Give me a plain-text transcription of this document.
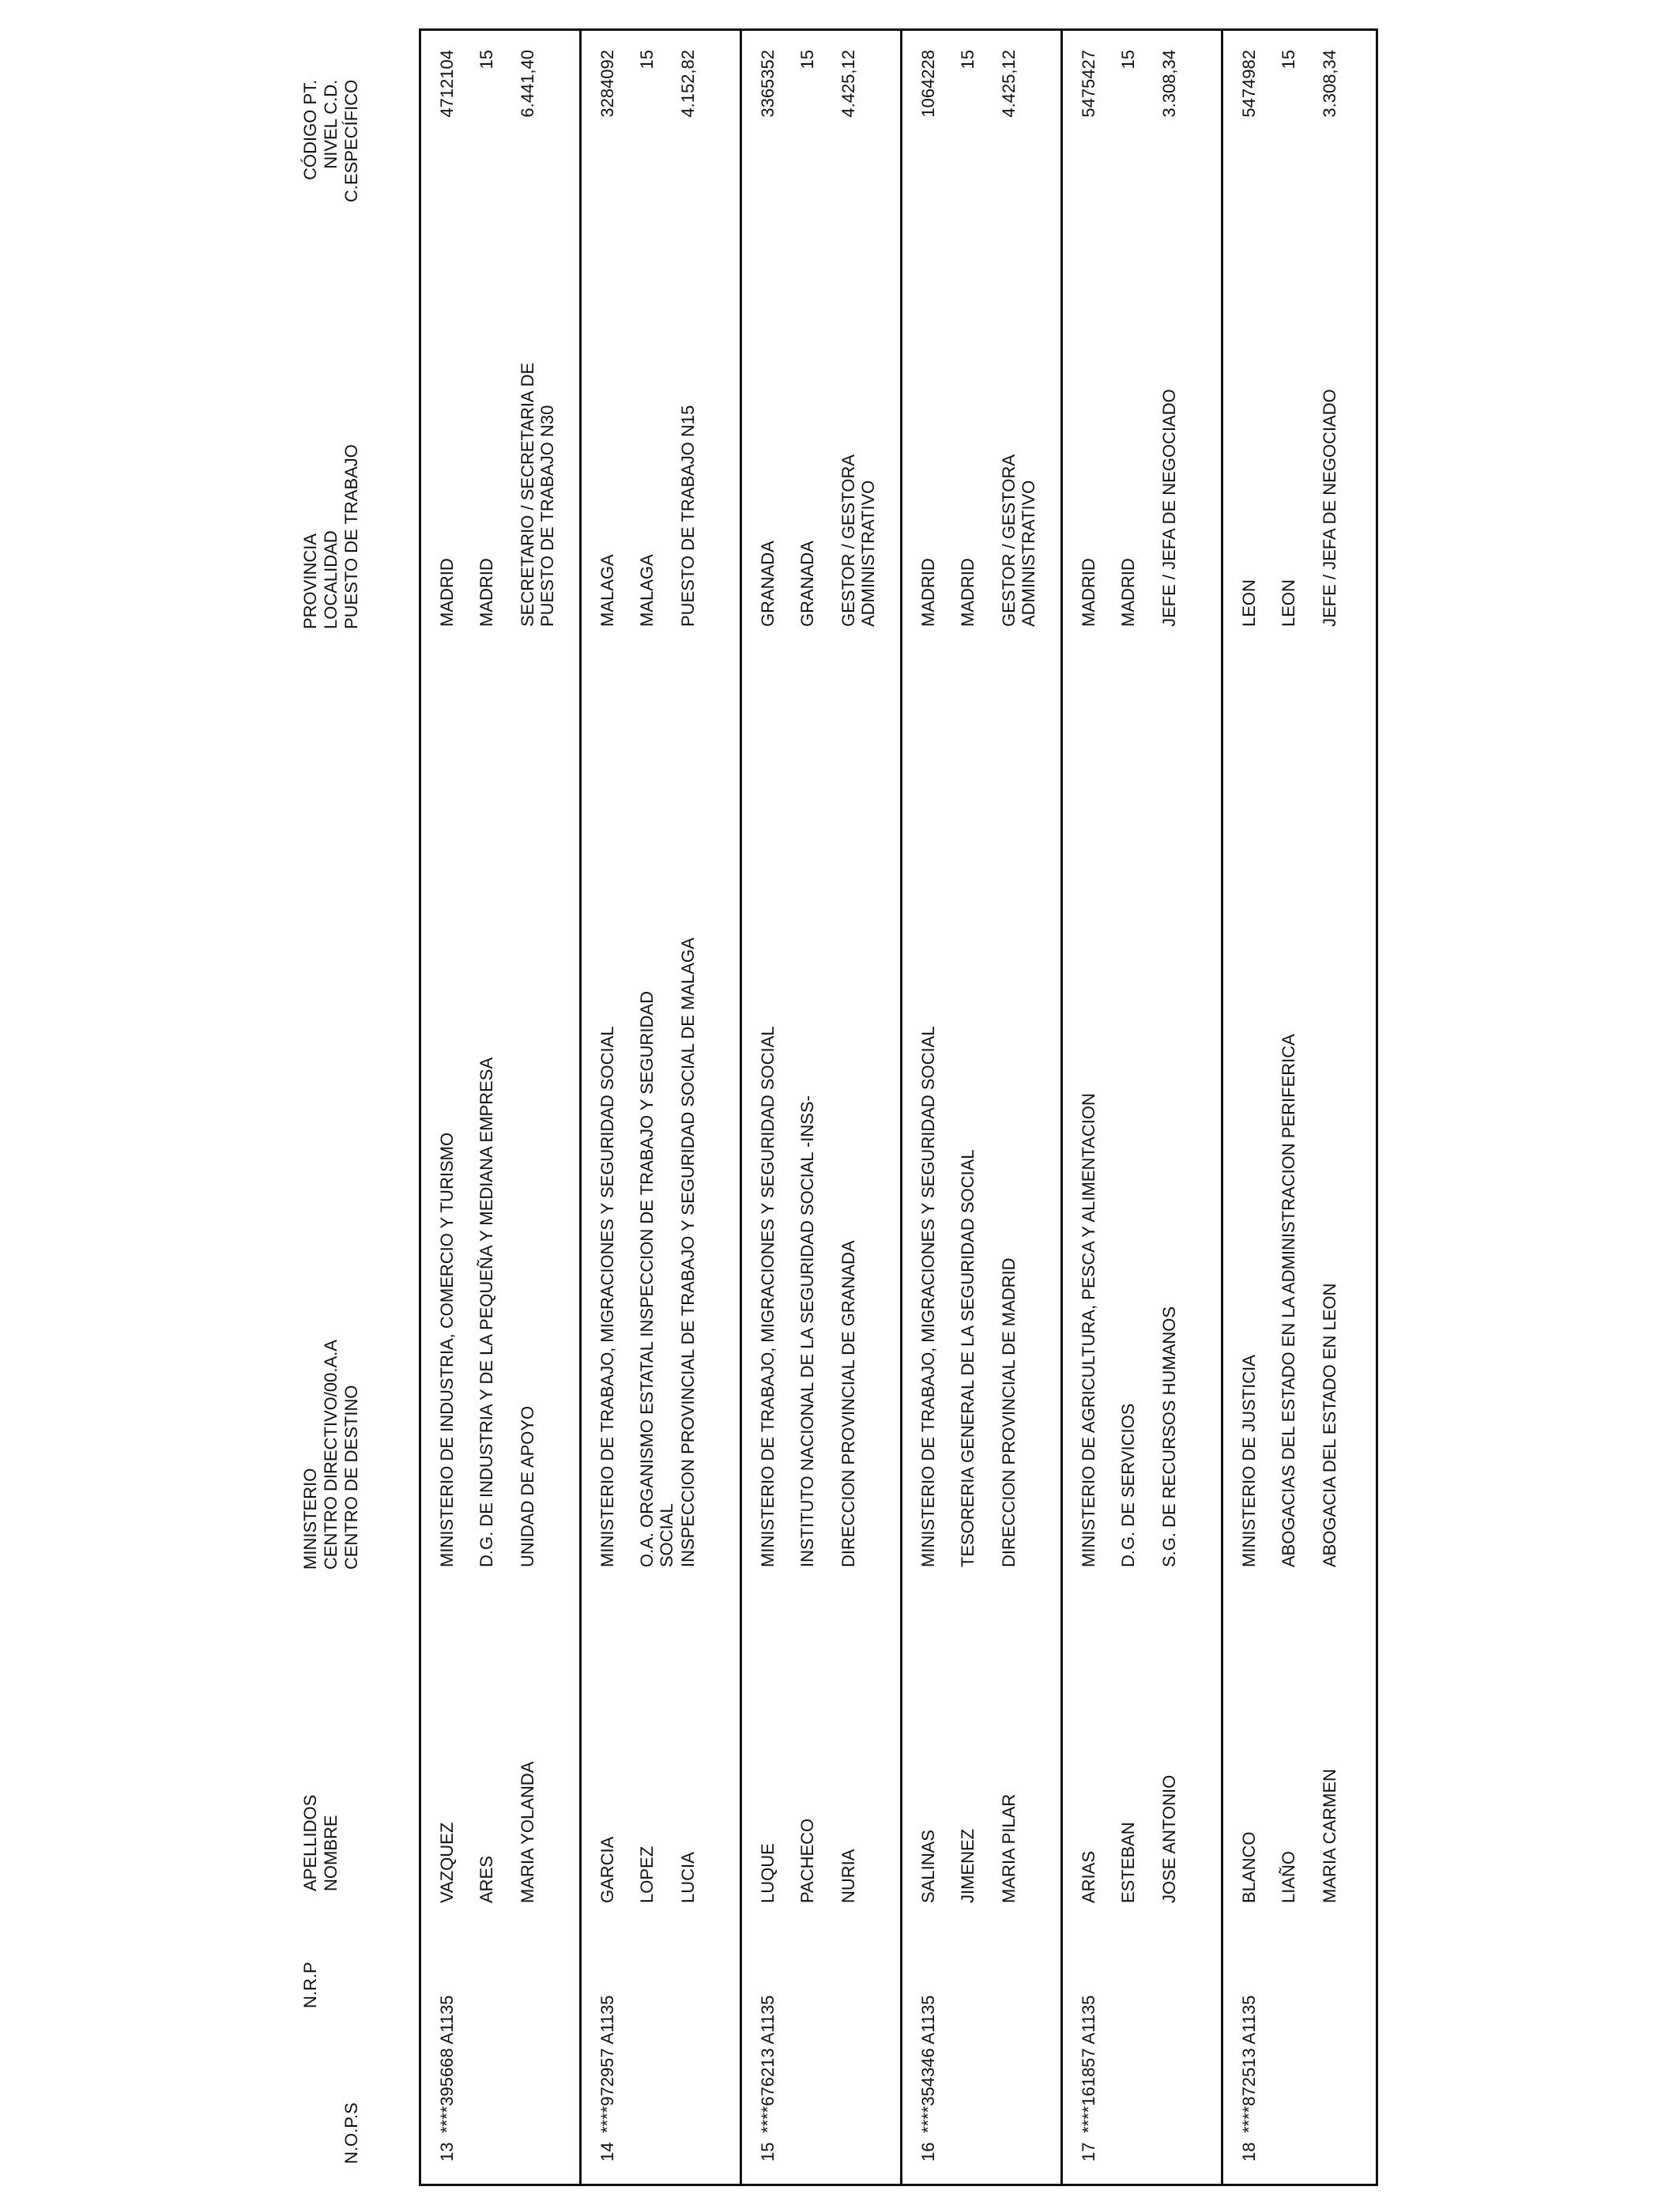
N.O.P.S
N.R.P
APELLIDOS NOMBRE
MINISTERIO CENTRO DIRECTIVO/00.A.A CENTRO DE DESTINO
PROVINCIA LOCALIDAD PUESTO DE TRABAJO
CÓDIGO PT. NIVEL C.D. C.ESPECÍFICO
13
****395668 A1135
VAZQUEZ ARES MARIA YOLANDA
MINISTERIO DE INDUSTRIA, COMERCIO Y TURISMO D.G. DE INDUSTRIA Y DE LA PEQUEÑA Y MEDIANA EMPRESA UNIDAD DE APOYO
MADRID MADRID SECRETARIO / SECRETARIA DE PUESTO DE TRABAJO N30
4712104 15 6.441,40
14
****972957 A1135
GARCIA LOPEZ LUCIA
MINISTERIO DE TRABAJO, MIGRACIONES Y SEGURIDAD SOCIAL O.A. ORGANISMO ESTATAL INSPECCION DE TRABAJO Y SEGURIDAD SOCIAL INSPECCION PROVINCIAL DE TRABAJO Y SEGURIDAD SOCIAL DE MALAGA
MALAGA MALAGA PUESTO DE TRABAJO N15
3284092 15 4.152,82
15
****676213 A1135
LUQUE PACHECO NURIA
MINISTERIO DE TRABAJO, MIGRACIONES Y SEGURIDAD SOCIAL INSTITUTO NACIONAL DE LA SEGURIDAD SOCIAL -INSS- DIRECCION PROVINCIAL DE GRANADA
GRANADA GRANADA GESTOR / GESTORA ADMINISTRATIVO
3365352 15 4.425,12
16
****354346 A1135
SALINAS JIMENEZ MARIA PILAR
MINISTERIO DE TRABAJO, MIGRACIONES Y SEGURIDAD SOCIAL TESORERIA GENERAL DE LA SEGURIDAD SOCIAL DIRECCION PROVINCIAL DE MADRID
MADRID MADRID GESTOR / GESTORA ADMINISTRATIVO
1064228 15 4.425,12
17
****161857 A1135
ARIAS ESTEBAN JOSE ANTONIO
MINISTERIO DE AGRICULTURA, PESCA Y ALIMENTACION D.G. DE SERVICIOS S.G. DE RECURSOS HUMANOS
MADRID MADRID JEFE / JEFA DE NEGOCIADO
5475427 15 3.308,34
18
****872513 A1135
BLANCO LIAÑO MARIA CARMEN
MINISTERIO DE JUSTICIA ABOGACIAS DEL ESTADO EN LA ADMINISTRACION PERIFERICA ABOGACIA DEL ESTADO EN LEON
LEON LEON JEFE / JEFA DE NEGOCIADO
5474982 15 3.308,34
